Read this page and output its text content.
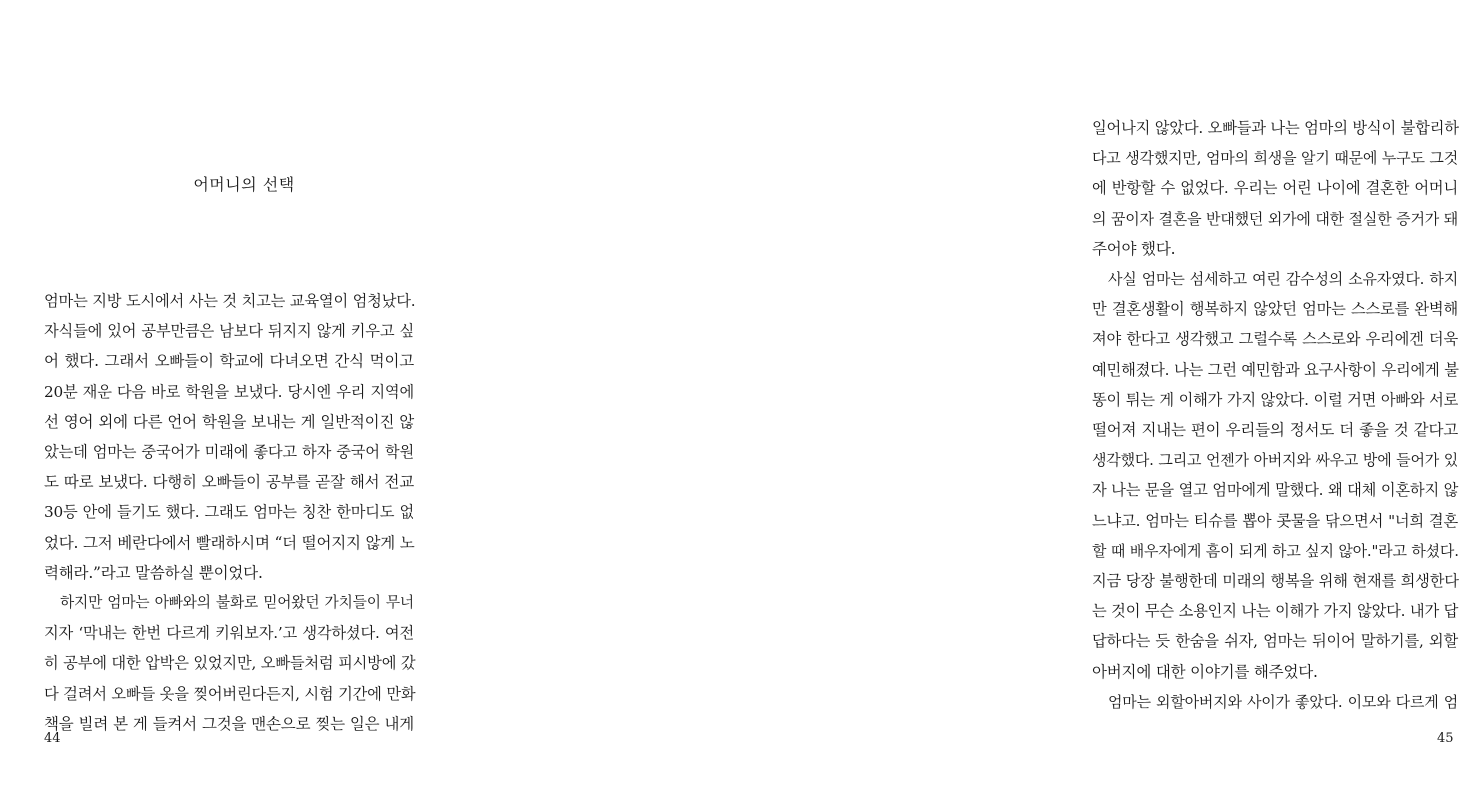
어머니의 선택
엄마는 지방 도시에서 사는 것 치고는 교육열이 엄청났다.
자식들에 있어 공부만큼은 남보다 뒤지지 않게 키우고 싶
어 했다. 그래서 오빠들이 학교에 다녀오면 간식 먹이고
20분 재운 다음 바로 학원을 보냈다. 당시엔 우리 지역에
선 영어 외에 다른 언어 학원을 보내는 게 일반적이진 않
았는데 엄마는 중국어가 미래에 좋다고 하자 중국어 학원
도 따로 보냈다. 다행히 오빠들이 공부를 곧잘 해서 전교
30등 안에 들기도 했다. 그래도 엄마는 칭찬 한마디도 없
었다. 그저 베란다에서 빨래하시며 “더 떨어지지 않게 노
력해라.”라고 말씀하실 뿐이었다.
하지만 엄마는 아빠와의 불화로 믿어왔던 가치들이 무너
지자 ‘막내는 한번 다르게 키워보자.’고 생각하셨다. 여전
히 공부에 대한 압박은 있었지만, 오빠들처럼 피시방에 갔
다 걸려서 오빠들 옷을 찢어버린다든지, 시험 기간에 만화
책을 빌려 본 게 들켜서 그것을 맨손으로 찢는 일은 내게

44

일어나지 않았다. 오빠들과 나는 엄마의 방식이 불합리하
다고 생각했지만, 엄마의 희생을 알기 때문에 누구도 그것
에 반항할 수 없었다. 우리는 어린 나이에 결혼한 어머니
의 꿈이자 결혼을 반대했던 외가에 대한 절실한 증거가 돼
주어야 했다.
사실 엄마는 섬세하고 여린 감수성의 소유자였다. 하지
만 결혼생활이 행복하지 않았던 엄마는 스스로를 완벽해
져야 한다고 생각했고 그럴수록 스스로와 우리에겐 더욱
예민해졌다. 나는 그런 예민함과 요구사항이 우리에게 불
똥이 튀는 게 이해가 가지 않았다. 이럴 거면 아빠와 서로
떨어져 지내는 편이 우리들의 정서도 더 좋을 것 같다고
생각했다. 그리고 언젠가 아버지와 싸우고 방에 들어가 있
자 나는 문을 열고 엄마에게 말했다. 왜 대체 이혼하지 않
느냐고. 엄마는 티슈를 뽑아 콧물을 닦으면서 "너희 결혼
할 때 배우자에게 흠이 되게 하고 싶지 않아."라고 하셨다.
지금 당장 불행한데 미래의 행복을 위해 현재를 희생한다
는 것이 무슨 소용인지 나는 이해가 가지 않았다. 내가 답
답하다는 듯 한숨을 쉬자, 엄마는 뒤이어 말하기를, 외할
아버지에 대한 이야기를 해주었다.
엄마는 외할아버지와 사이가 좋았다. 이모와 다르게 엄

45
